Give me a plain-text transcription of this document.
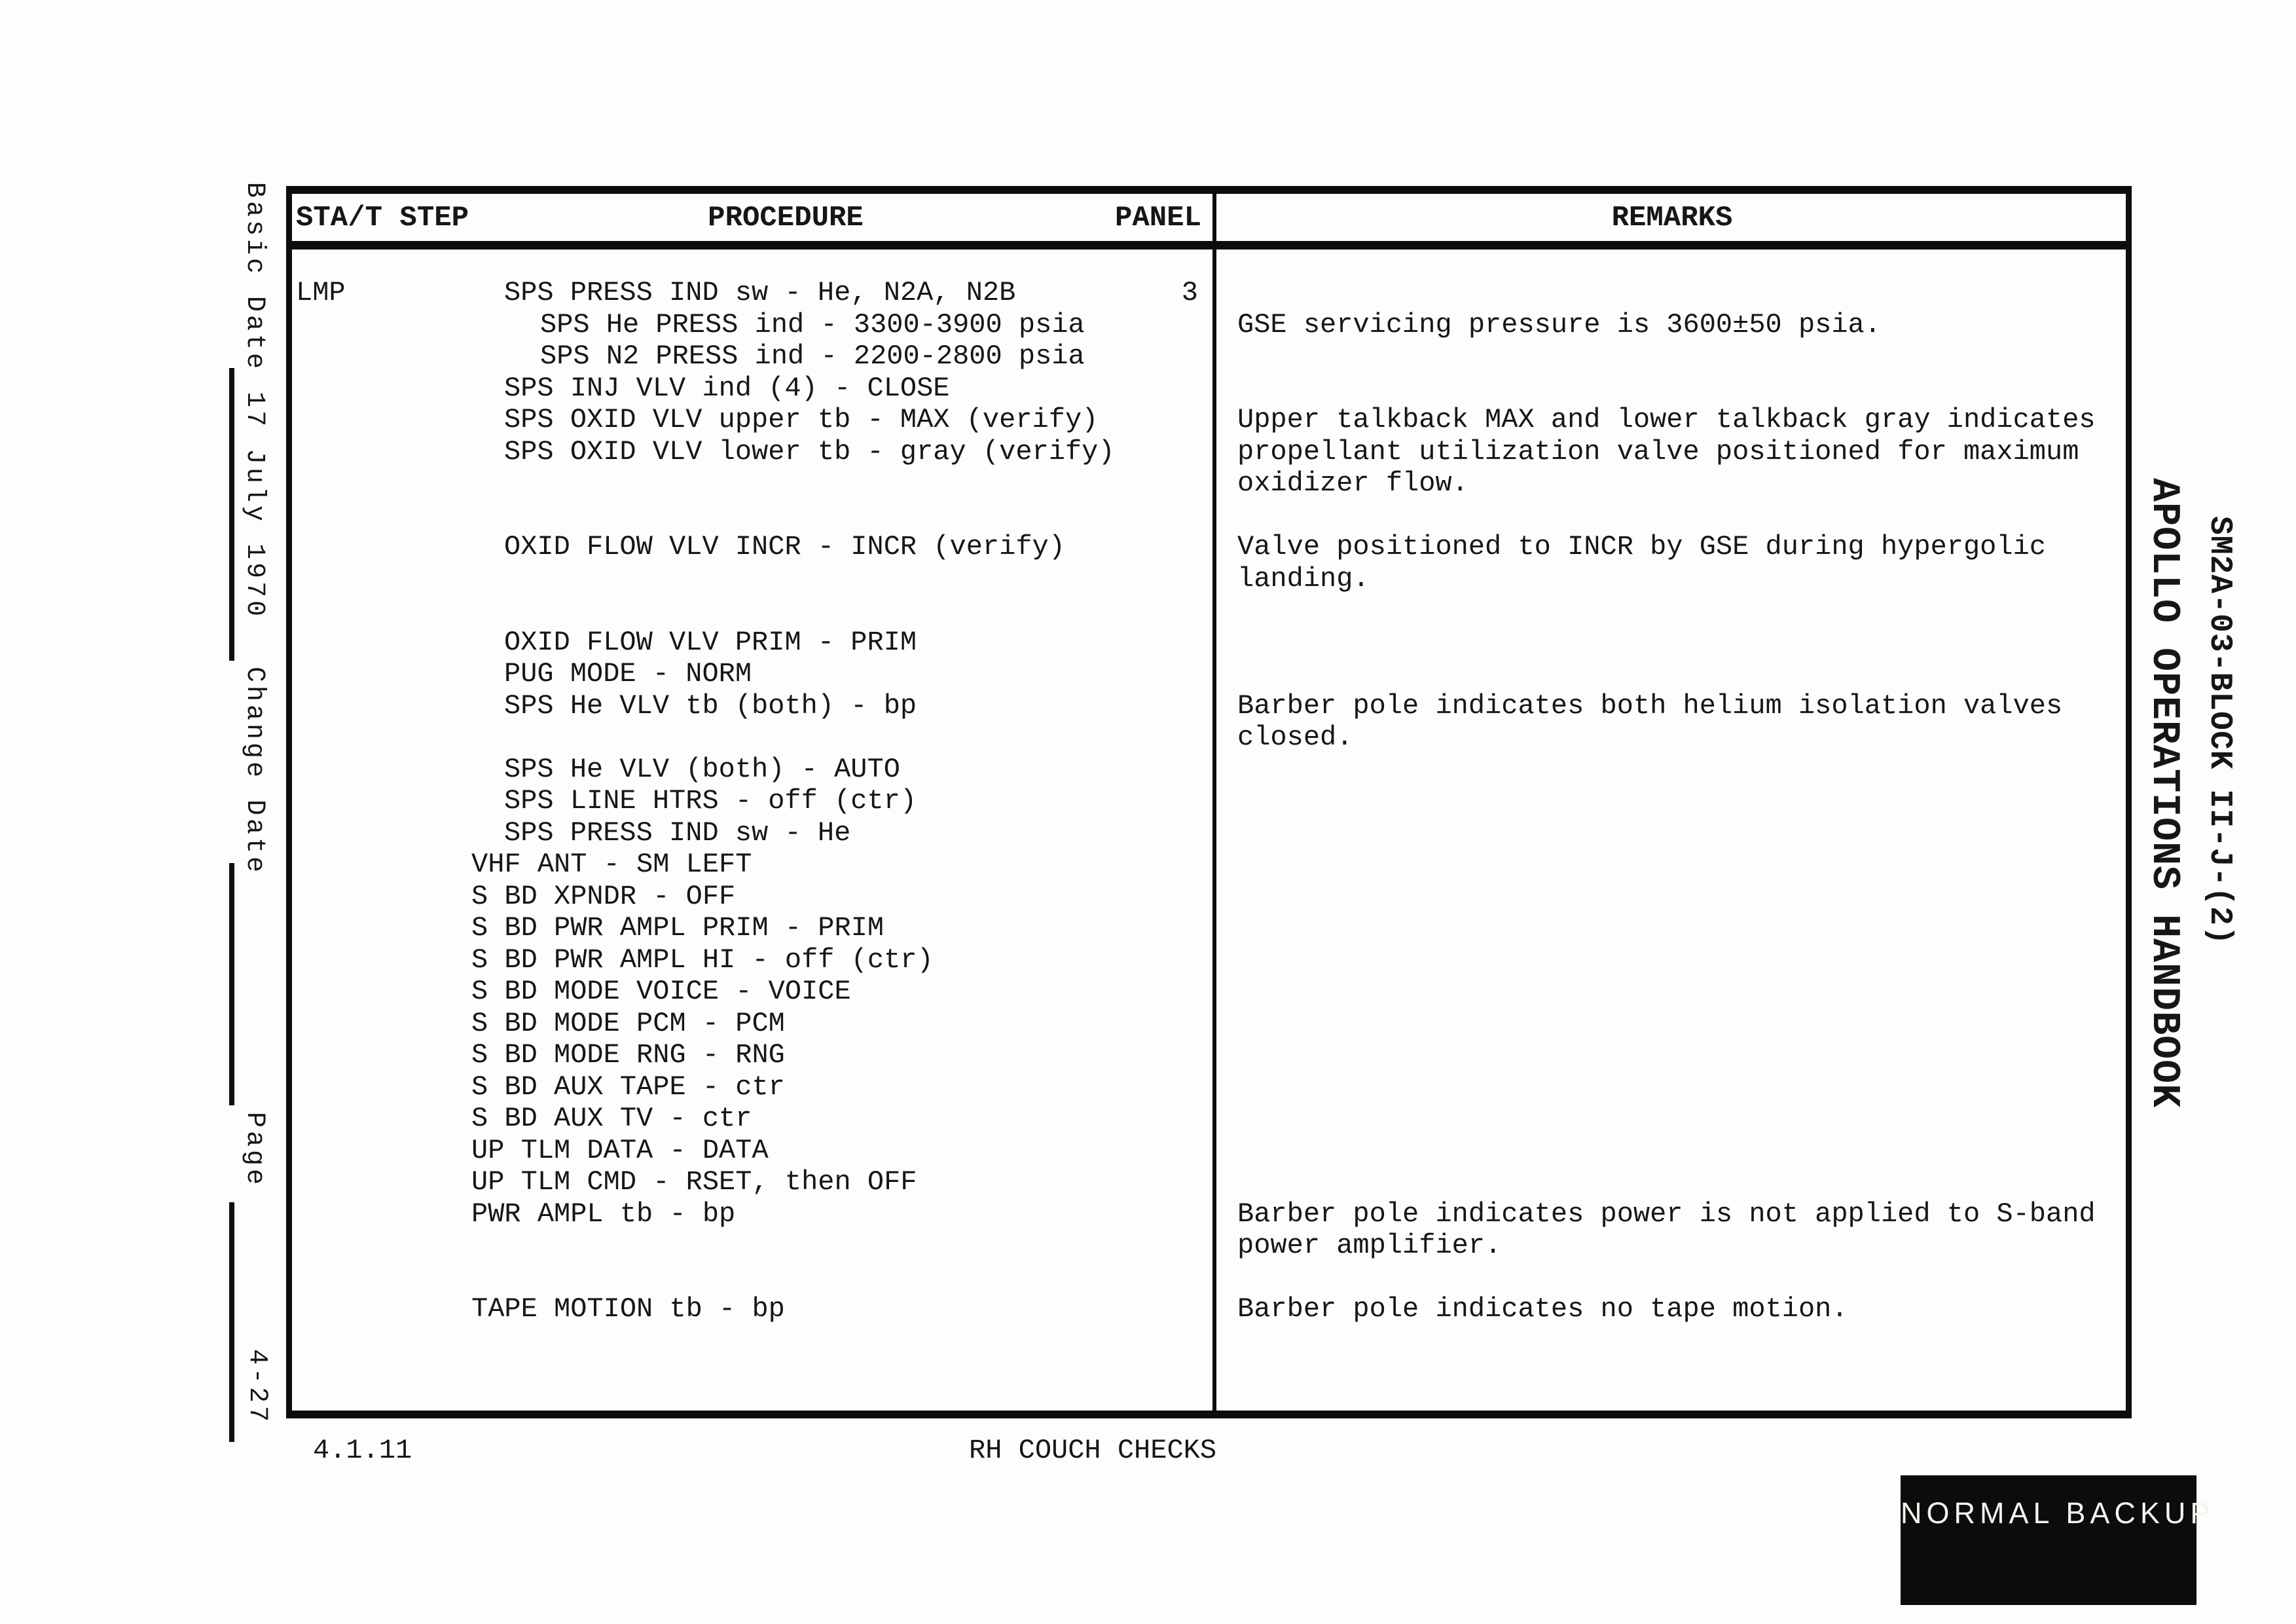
Basic Date
17 July 1970
Change Date
Page
4-27
SM2A-03-BLOCK II-J-(2)
APOLLO OPERATIONS HANDBOOK
STA/T STEP	PROCEDURE	PANEL	REMARKS
LMP	SPS PRESS IND sw - He, N2A, N2B	3
SPS He PRESS ind - 3300-3900 psia	GSE servicing pressure is 3600±50 psia.
SPS N2 PRESS ind - 2200-2800 psia
SPS INJ VLV ind (4) - CLOSE
SPS OXID VLV upper tb - MAX (verify)	Upper talkback MAX and lower talkback gray indicates
SPS OXID VLV lower tb - gray (verify)	propellant utilization valve positioned for maximum
oxidizer flow.
OXID FLOW VLV INCR - INCR (verify)	Valve positioned to INCR by GSE during hypergolic
landing.
OXID FLOW VLV PRIM - PRIM
PUG MODE - NORM
SPS He VLV tb (both) - bp	Barber pole indicates both helium isolation valves
closed.
SPS He VLV (both) - AUTO
SPS LINE HTRS - off (ctr)
SPS PRESS IND sw - He
VHF ANT - SM LEFT
S BD XPNDR - OFF
S BD PWR AMPL PRIM - PRIM
S BD PWR AMPL HI - off (ctr)
S BD MODE VOICE - VOICE
S BD MODE PCM - PCM
S BD MODE RNG - RNG
S BD AUX TAPE - ctr
S BD AUX TV - ctr
UP TLM DATA - DATA
UP TLM CMD - RSET, then OFF
PWR AMPL tb - bp	Barber pole indicates power is not applied to S-band
power amplifier.
TAPE MOTION tb - bp	Barber pole indicates no tape motion.
4.1.11	RH COUCH CHECKS
NORMAL BACKUP
